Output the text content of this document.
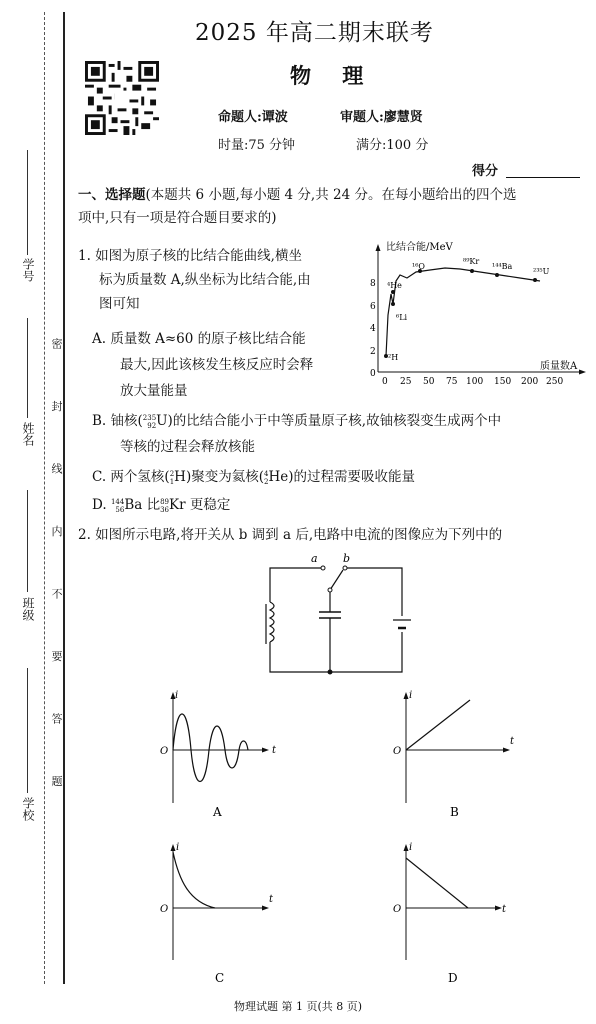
学号
姓名
班级
学校 密 封 线 内 不 要 答 题
2025 年高二期末联考
物 理
命题人:谭波	审题人:廖慧贤
时量:75 分钟	满分:100 分
得分
一、选择题(本题共 6 小题,每小题 4 分,共 24 分。在每小题给出的四个选
项中,只有一项是符合题目要求的)
1. 如图为原子核的比结合能曲线,横坐
标为质量数 A,纵坐标为比结合能,由
图可知
A. 质量数 A≈60 的原子核比结合能
最大,因此该核发生核反应时会释
放大量能量
B. 铀核(235
92U)的比结合能小于中等质量原子核,故铀核裂变生成两个中
等核的过程会释放核能
C. 两个氢核(2
1H)聚变为氦核(4
2He)的过程需要吸收能量
D. 144
56Ba 比89
36Kr 更稳定
比结合能/MeV
0
2
4
6
8
0 25 50 75 100 150 200 250
质量数A
²H
⁴He
⁶Li
¹⁶O
⁸⁹Kr
¹⁴⁴Ba
²³⁵U
2. 如图所示电路,将开关从 b 调到 a 后,电路中电流的图像应为下列中的
a b
i
t
O
A
i
t
O
B
i
t
O
C
i
t
O
D
物理试题 第 1 页(共 8 页)
